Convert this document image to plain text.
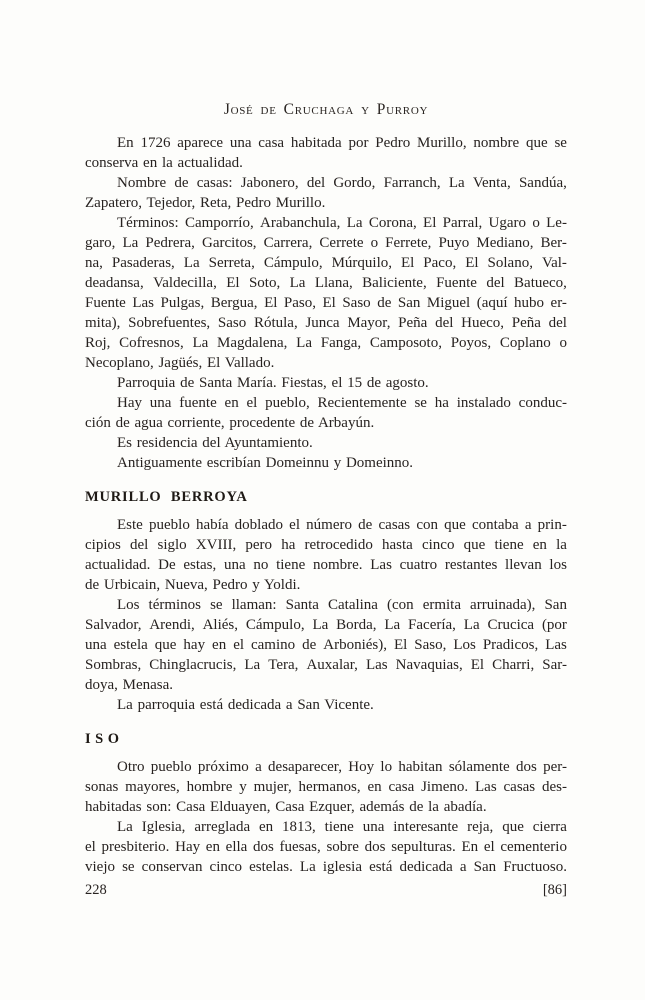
José de Cruchaga y Purroy
En 1726 aparece una casa habitada por Pedro Murillo, nombre que se
conserva en la actualidad.
Nombre de casas: Jabonero, del Gordo, Farranch, La Venta, Sandúa,
Zapatero, Tejedor, Reta, Pedro Murillo.
Términos: Camporrío, Arabanchula, La Corona, El Parral, Ugaro o Le-
garo, La Pedrera, Garcitos, Carrera, Cerrete o Ferrete, Puyo Mediano, Ber-
na, Pasaderas, La Serreta, Cámpulo, Múrquilo, El Paco, El Solano, Val-
deadansa, Valdecilla, El Soto, La Llana, Baliciente, Fuente del Batueco,
Fuente Las Pulgas, Bergua, El Paso, El Saso de San Miguel (aquí hubo er-
mita), Sobrefuentes, Saso Rótula, Junca Mayor, Peña del Hueco, Peña del
Roj, Cofresnos, La Magdalena, La Fanga, Camposoto, Poyos, Coplano o
Necoplano, Jagüés, El Vallado.
Parroquia de Santa María. Fiestas, el 15 de agosto.
Hay una fuente en el pueblo, Recientemente se ha instalado conduc-
ción de agua corriente, procedente de Arbayún.
Es residencia del Ayuntamiento.
Antiguamente escribían Domeinnu y Domeinno.
MURILLO BERROYA
Este pueblo había doblado el número de casas con que contaba a prin-
cipios del siglo XVIII, pero ha retrocedido hasta cinco que tiene en la
actualidad. De estas, una no tiene nombre. Las cuatro restantes llevan los
de Urbicain, Nueva, Pedro y Yoldi.
Los términos se llaman: Santa Catalina (con ermita arruinada), San
Salvador, Arendi, Aliés, Cámpulo, La Borda, La Facería, La Crucica (por
una estela que hay en el camino de Arboniés), El Saso, Los Pradicos, Las
Sombras, Chinglacrucis, La Tera, Auxalar, Las Navaquias, El Charri, Sar-
doya, Menasa.
La parroquia está dedicada a San Vicente.
ISO
Otro pueblo próximo a desaparecer, Hoy lo habitan sólamente dos per-
sonas mayores, hombre y mujer, hermanos, en casa Jimeno. Las casas des-
habitadas son: Casa Elduayen, Casa Ezquer, además de la abadía.
La Iglesia, arreglada en 1813, tiene una interesante reja, que cierra
el presbiterio. Hay en ella dos fuesas, sobre dos sepulturas. En el cementerio
viejo se conservan cinco estelas. La iglesia está dedicada a San Fructuoso.
228	[86]
